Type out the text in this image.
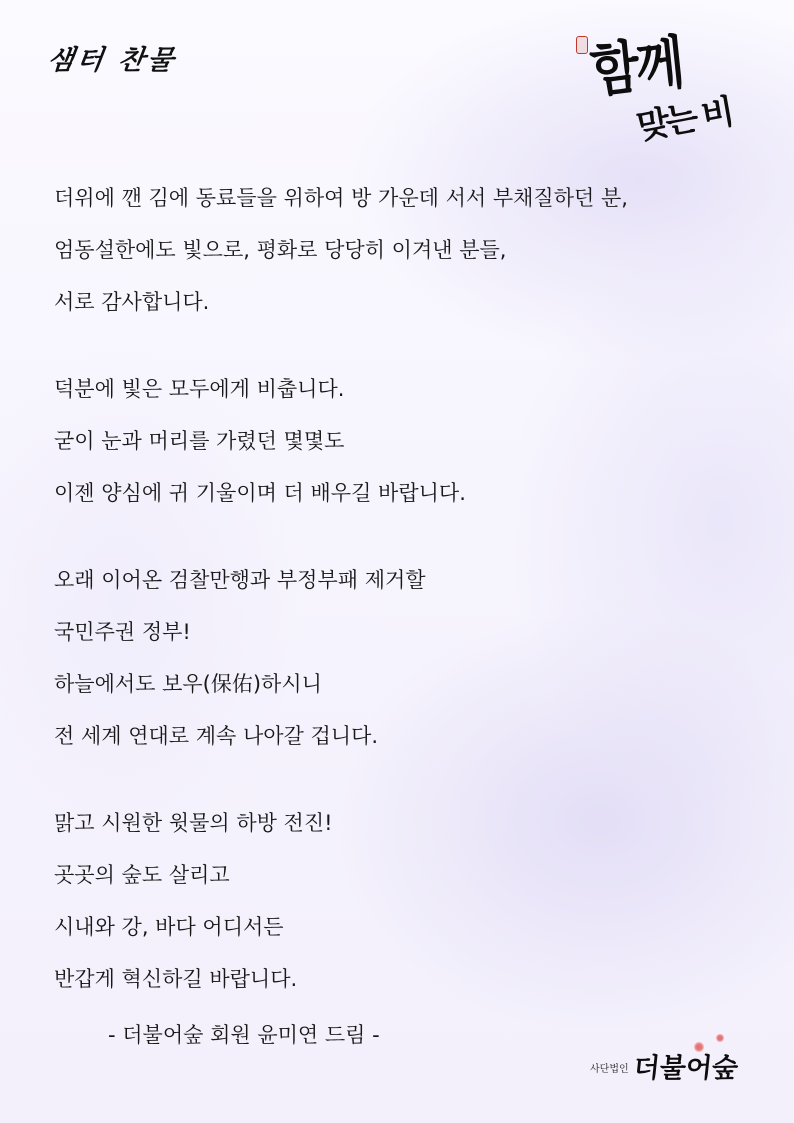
샘터 찬물	함께
맞는 비
더위에 깬 김에 동료들을 위하여 방 가운데 서서 부채질하던 분,
엄동설한에도 빛으로, 평화로 당당히 이겨낸 분들,
서로 감사합니다.
덕분에 빛은 모두에게 비춥니다.
굳이 눈과 머리를 가렸던 몇몇도
이젠 양심에 귀 기울이며 더 배우길 바랍니다.
오래 이어온 검찰만행과 부정부패 제거할
국민주권 정부!
하늘에서도 보우(保佑)하시니
전 세계 연대로 계속 나아갈 겁니다.
맑고 시원한 윗물의 하방 전진!
곳곳의 숲도 살리고
시내와 강, 바다 어디서든
반갑게 혁신하길 바랍니다.
- 더불어숲 회원 윤미연 드림 -
사단법인 더불어숲
